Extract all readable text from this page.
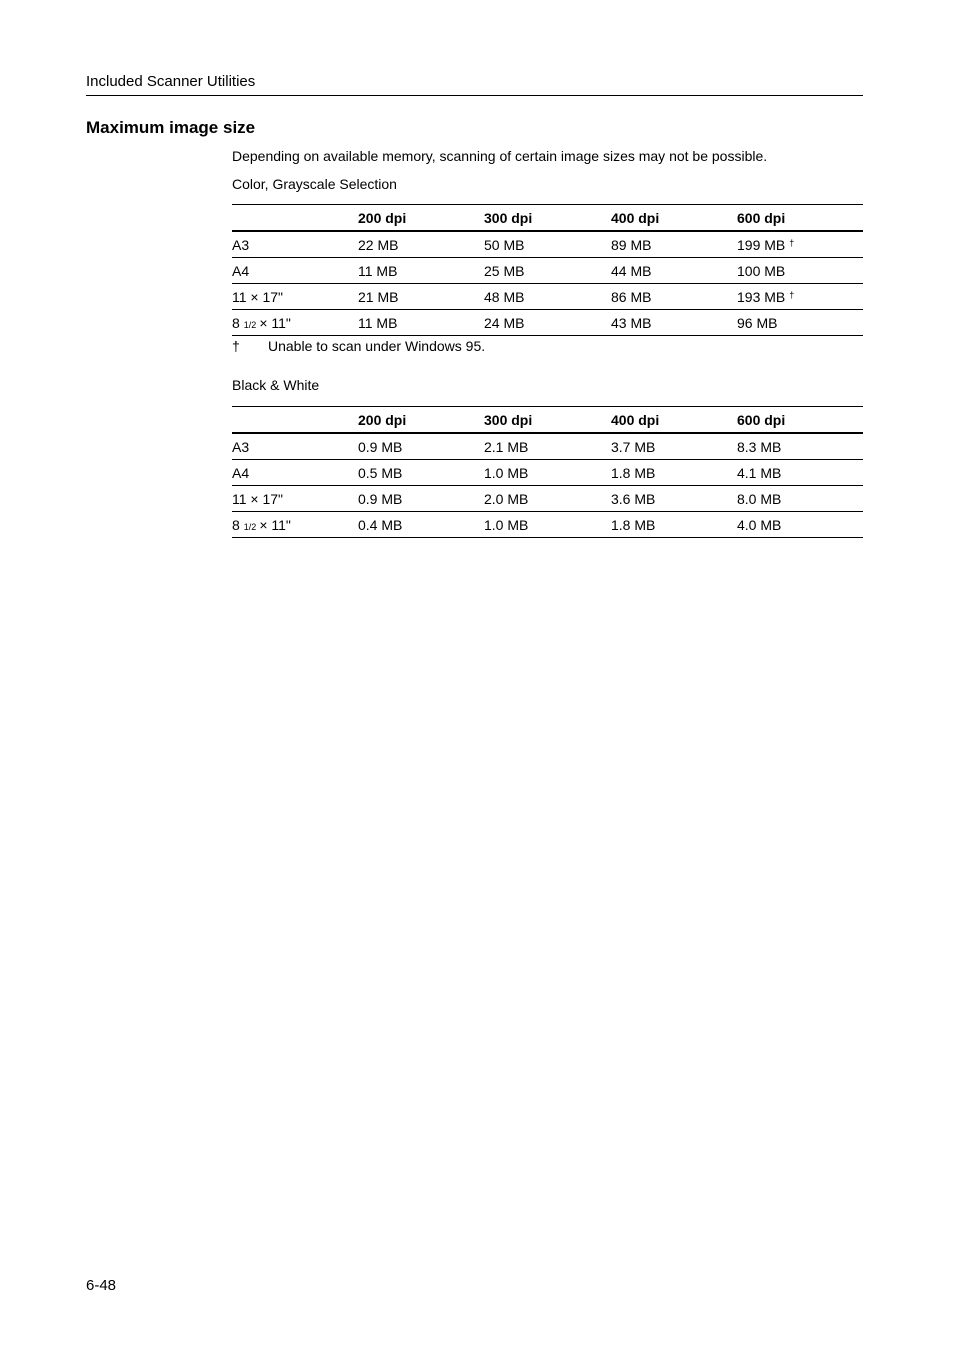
Included Scanner Utilities
Maximum image size
Depending on available memory, scanning of certain image sizes may not be possible.
Color, Grayscale Selection
	200 dpi	300 dpi	400 dpi	600 dpi
A3	22 MB	50 MB	89 MB	199 MB †
A4	11 MB	25 MB	44 MB	100 MB
11 × 17"	21 MB	48 MB	86 MB	193 MB †
8 1/2 × 11"	11 MB	24 MB	43 MB	96 MB
† Unable to scan under Windows 95.
Black & White
	200 dpi	300 dpi	400 dpi	600 dpi
A3	0.9 MB	2.1 MB	3.7 MB	8.3 MB
A4	0.5 MB	1.0 MB	1.8 MB	4.1 MB
11 × 17"	0.9 MB	2.0 MB	3.6 MB	8.0 MB
8 1/2 × 11"	0.4 MB	1.0 MB	1.8 MB	4.0 MB
6-48
